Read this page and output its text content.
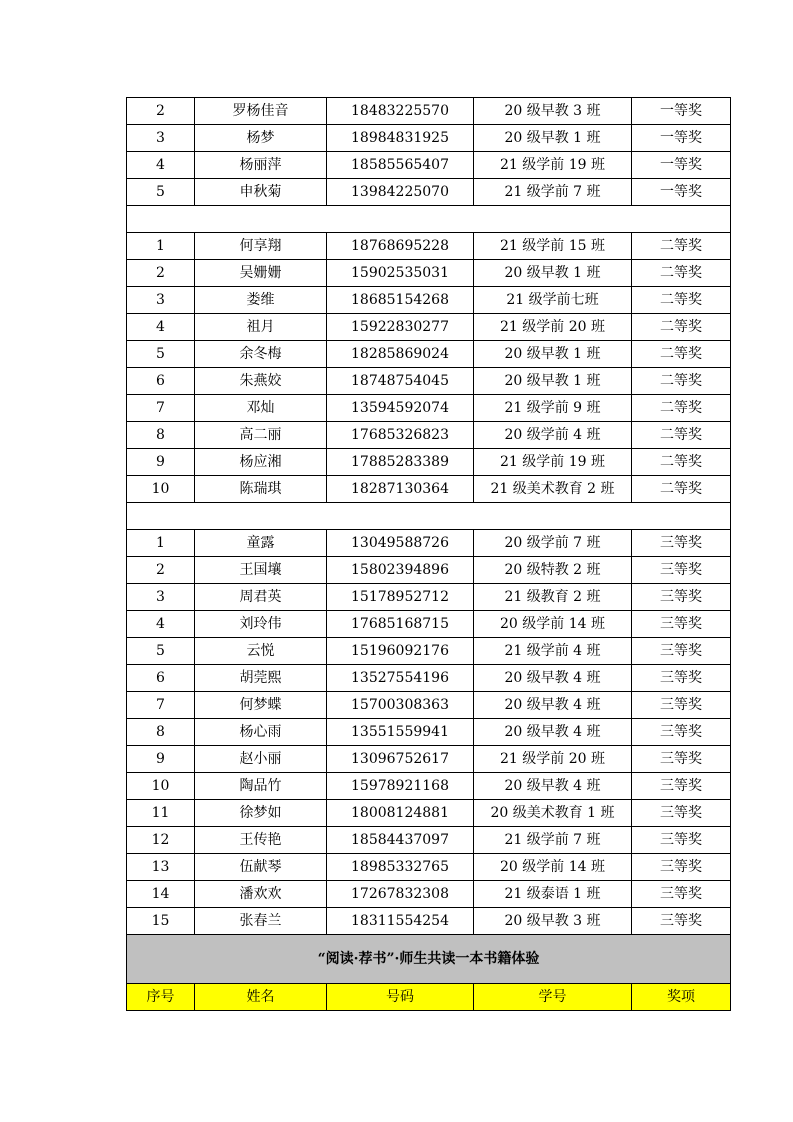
2	罗杨佳音	18483225570	20 级早教 3 班	一等奖
3	杨梦	18984831925	20 级早教 1 班	一等奖
4	杨丽萍	18585565407	21 级学前 19 班	一等奖
5	申秋菊	13984225070	21 级学前 7 班	一等奖

1	何享翔	18768695228	21 级学前 15 班	二等奖
2	吴姗姗	15902535031	20 级早教 1 班	二等奖
3	娄维	18685154268	21 级学前七班	二等奖
4	祖月	15922830277	21 级学前 20 班	二等奖
5	余冬梅	18285869024	20 级早教 1 班	二等奖
6	朱燕姣	18748754045	20 级早教 1 班	二等奖
7	邓灿	13594592074	21 级学前 9 班	二等奖
8	高二丽	17685326823	20 级学前 4 班	二等奖
9	杨应湘	17885283389	21 级学前 19 班	二等奖
10	陈瑞琪	18287130364	21 级美术教育 2 班	二等奖

1	童露	13049588726	20 级学前 7 班	三等奖
2	王国壤	15802394896	20 级特教 2 班	三等奖
3	周君英	15178952712	21 级教育 2 班	三等奖
4	刘玲伟	17685168715	20 级学前 14 班	三等奖
5	云悦	15196092176	21 级学前 4 班	三等奖
6	胡莞熙	13527554196	20 级早教 4 班	三等奖
7	何梦蝶	15700308363	20 级早教 4 班	三等奖
8	杨心雨	13551559941	20 级早教 4 班	三等奖
9	赵小丽	13096752617	21 级学前 20 班	三等奖
10	陶品竹	15978921168	20 级早教 4 班	三等奖
11	徐梦如	18008124881	20 级美术教育 1 班	三等奖
12	王传艳	18584437097	21 级学前 7 班	三等奖
13	伍献琴	18985332765	20 级学前 14 班	三等奖
14	潘欢欢	17267832308	21 级泰语 1 班	三等奖
15	张春兰	18311554254	20 级早教 3 班	三等奖
“阅读·荐书”·师生共读一本书籍体验				
序号	姓名	号码	学号	奖项
